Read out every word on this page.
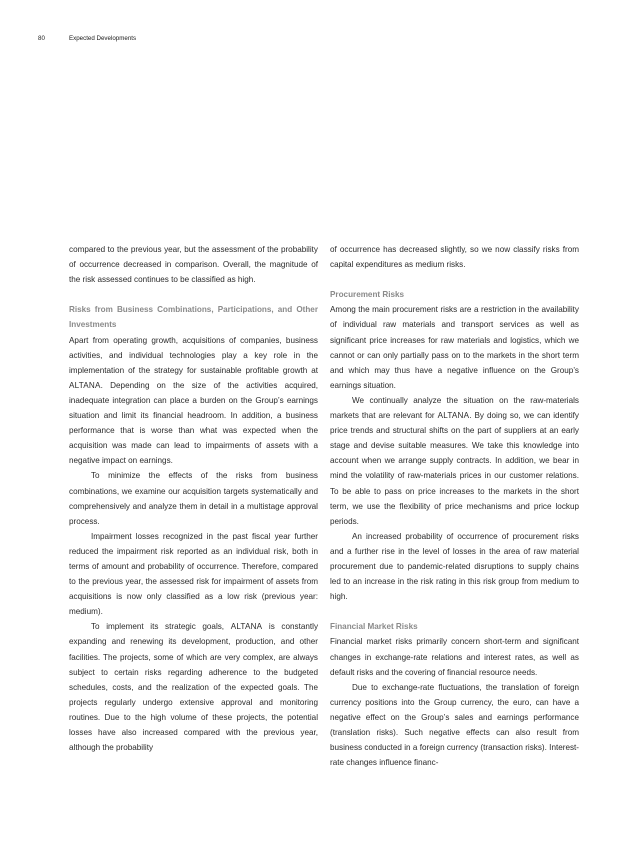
80	Expected Developments

compared to the previous year, but the assessment of the probability of occurrence decreased in comparison. Overall, the magnitude of the risk assessed continues to be classified as high.

Risks from Business Combinations, Participations, and Other Investments

Apart from operating growth, acquisitions of companies, business activities, and individual technologies play a key role in the implementation of the strategy for sustainable profitable growth at ALTANA. Depending on the size of the activities acquired, inadequate integration can place a burden on the Group’s earnings situation and limit its financial headroom. In addition, a business performance that is worse than what was expected when the acquisition was made can lead to impairments of assets with a negative impact on earnings.

To minimize the effects of the risks from business combinations, we examine our acquisition targets systematically and comprehensively and analyze them in detail in a multistage approval process.

Impairment losses recognized in the past fiscal year further reduced the impairment risk reported as an individual risk, both in terms of amount and probability of occurrence. Therefore, compared to the previous year, the assessed risk for impairment of assets from acquisitions is now only classified as a low risk (previous year: medium).

To implement its strategic goals, ALTANA is constantly expanding and renewing its development, production, and other facilities. The projects, some of which are very complex, are always subject to certain risks regarding adherence to the budgeted schedules, costs, and the realization of the expected goals. The projects regularly undergo extensive approval and monitoring routines. Due to the high volume of these projects, the potential losses have also increased compared with the previous year, although the probability

of occurrence has decreased slightly, so we now classify risks from capital expenditures as medium risks.

Procurement Risks

Among the main procurement risks are a restriction in the availability of individual raw materials and transport services as well as significant price increases for raw materials and logistics, which we cannot or can only partially pass on to the markets in the short term and which may thus have a negative influence on the Group’s earnings situation.

We continually analyze the situation on the raw-materials markets that are relevant for ALTANA. By doing so, we can identify price trends and structural shifts on the part of suppliers at an early stage and devise suitable measures. We take this knowledge into account when we arrange supply contracts. In addition, we bear in mind the volatility of raw-materials prices in our customer relations. To be able to pass on price increases to the markets in the short term, we use the flexibility of price mechanisms and price lockup periods.

An increased probability of occurrence of procurement risks and a further rise in the level of losses in the area of raw material procurement due to pandemic-related disruptions to supply chains led to an increase in the risk rating in this risk group from medium to high.

Financial Market Risks

Financial market risks primarily concern short-term and significant changes in exchange-rate relations and interest rates, as well as default risks and the covering of financial resource needs.

Due to exchange-rate fluctuations, the translation of foreign currency positions into the Group currency, the euro, can have a negative effect on the Group’s sales and earnings performance (translation risks). Such negative effects can also result from business conducted in a foreign currency (transaction risks). Interest-rate changes influence financ-
